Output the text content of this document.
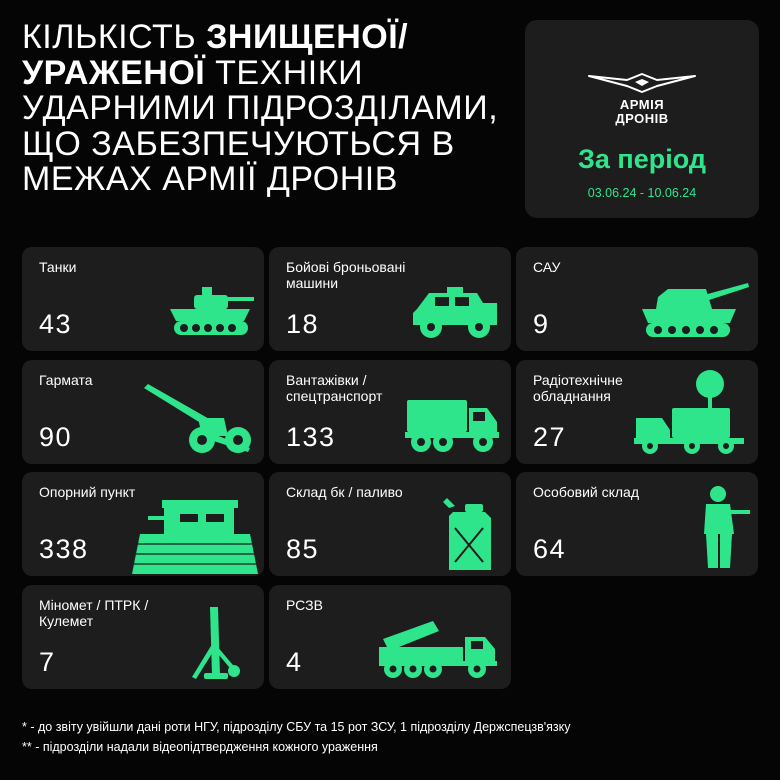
КІЛЬКІСТЬ ЗНИЩЕНОЇ/
УРАЖЕНОЇ ТЕХНІКИ УДАРНИМИ ПІДРОЗДІЛАМИ, ЩО ЗАБЕЗПЕЧУЮТЬСЯ В МЕЖАХ АРМІЇ ДРОНІВ
АРМІЯ
ДРОНІВ
За період
03.06.24 - 10.06.24
Танки
43
Бойові броньовані машини
18
САУ
9
Гармата
90
Вантажівки / спецтранспорт
133
Радіотехнічне обладнання
27
Опорний пункт
338
Склад бк / паливо
85
Особовий склад
64
Міномет / ПТРК /Кулемет
7
РСЗВ
4
* - до звіту увійшли дані роти НГУ, підрозділу СБУ та 15 рот ЗСУ, 1 підрозділу Держспецзв'язку
** - підрозділи надали відеопідтвердження кожного ураження
